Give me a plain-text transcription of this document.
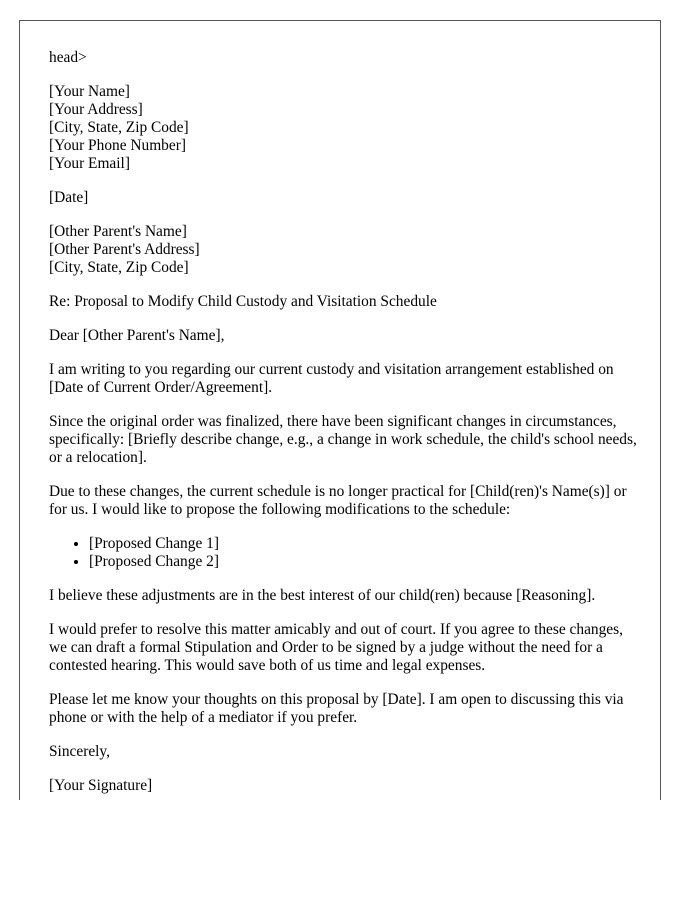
head>

[Your Name]
[Your Address]
[City, State, Zip Code]
[Your Phone Number]
[Your Email]

[Date]

[Other Parent's Name]
[Other Parent's Address]
[City, State, Zip Code]

Re: Proposal to Modify Child Custody and Visitation Schedule

Dear [Other Parent's Name],

I am writing to you regarding our current custody and visitation arrangement established on [Date of Current Order/Agreement].

Since the original order was finalized, there have been significant changes in circumstances, specifically: [Briefly describe change, e.g., a change in work schedule, the child's school needs, or a relocation].

Due to these changes, the current schedule is no longer practical for [Child(ren)'s Name(s)] or for us. I would like to propose the following modifications to the schedule:

• [Proposed Change 1]
• [Proposed Change 2]

I believe these adjustments are in the best interest of our child(ren) because [Reasoning].

I would prefer to resolve this matter amicably and out of court. If you agree to these changes, we can draft a formal Stipulation and Order to be signed by a judge without the need for a contested hearing. This would save both of us time and legal expenses.

Please let me know your thoughts on this proposal by [Date]. I am open to discussing this via phone or with the help of a mediator if you prefer.

Sincerely,

[Your Signature]
